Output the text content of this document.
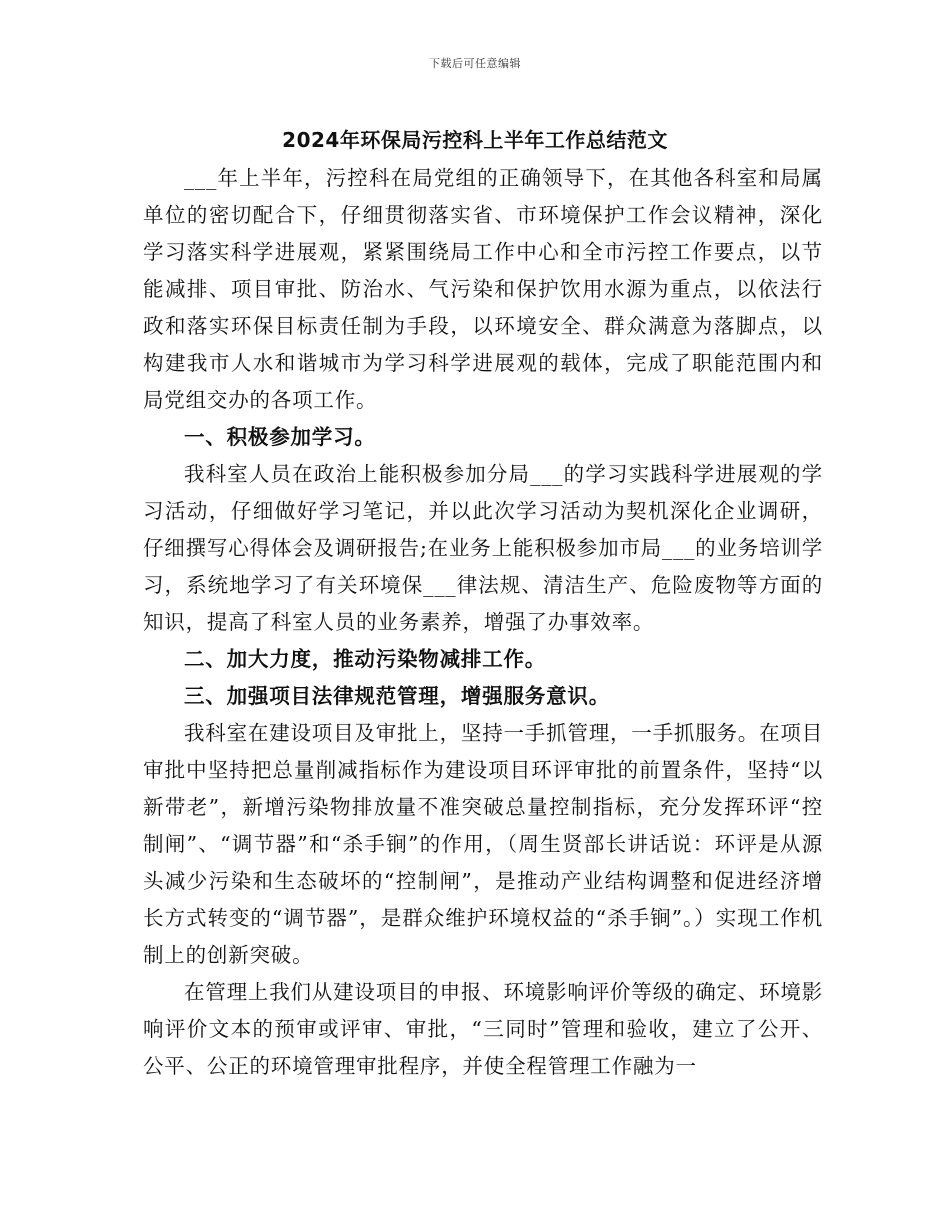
下载后可任意编辑
2024年环保局污控科上半年工作总结范文

___年上半年，污控科在局党组的正确领导下，在其他各科室和局属单位的密切配合下，仔细贯彻落实省、市环境保护工作会议精神，深化学习落实科学进展观，紧紧围绕局工作中心和全市污控工作要点，以节能减排、项目审批、防治水、气污染和保护饮用水源为重点，以依法行政和落实环保目标责任制为手段，以环境安全、群众满意为落脚点，以构建我市人水和谐城市为学习科学进展观的载体，完成了职能范围内和局党组交办的各项工作。

一、积极参加学习。

我科室人员在政治上能积极参加分局___的学习实践科学进展观的学习活动，仔细做好学习笔记，并以此次学习活动为契机深化企业调研，仔细撰写心得体会及调研报告;在业务上能积极参加市局___的业务培训学习，系统地学习了有关环境保___律法规、清洁生产、危险废物等方面的知识，提高了科室人员的业务素养，增强了办事效率。

二、加大力度，推动污染物减排工作。

三、加强项目法律规范管理，增强服务意识。

我科室在建设项目及审批上，坚持一手抓管理，一手抓服务。在项目审批中坚持把总量削减指标作为建设项目环评审批的前置条件，坚持“以新带老”，新增污染物排放量不准突破总量控制指标，充分发挥环评“控制闸”、“调节器”和“杀手锏”的作用，（周生贤部长讲话说：环评是从源头减少污染和生态破坏的“控制闸”，是推动产业结构调整和促进经济增长方式转变的“调节器”，是群众维护环境权益的“杀手锏”。）实现工作机制上的创新突破。

在管理上我们从建设项目的申报、环境影响评价等级的确定、环境影响评价文本的预审或评审、审批，“三同时”管理和验收，建立了公开、公平、公正的环境管理审批程序，并使全程管理工作融为一
